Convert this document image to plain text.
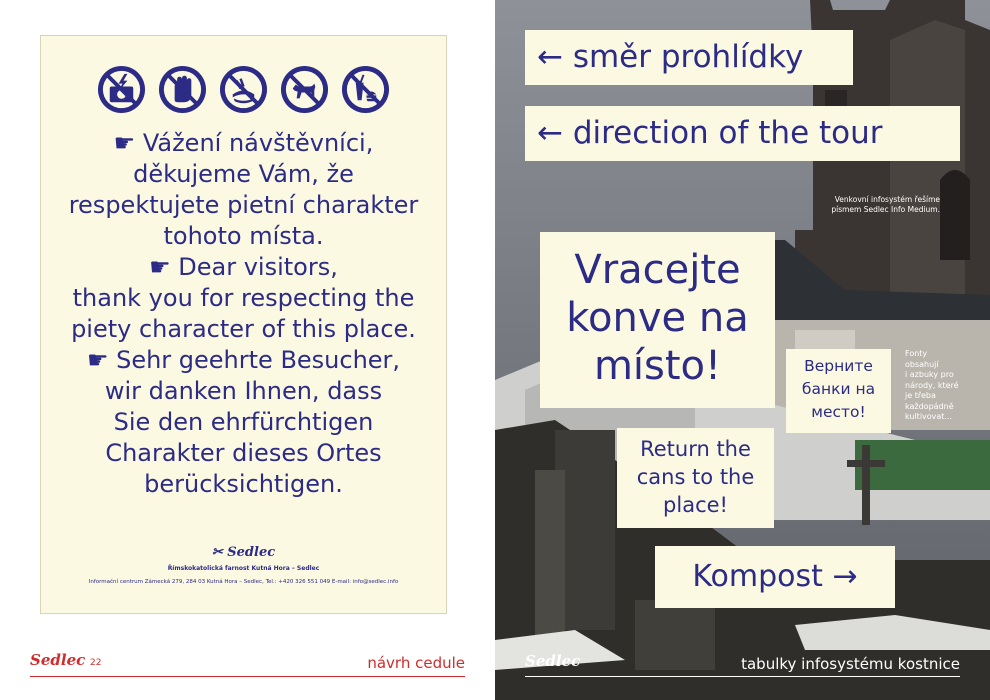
☛ Vážení návštěvníci,
děkujeme Vám, že
respektujete pietní charakter
tohoto místa.
☛ Dear visitors,
thank you for respecting the
piety character of this place.
☛ Sehr geehrte Besucher,
wir danken Ihnen, dass
Sie den ehrfürchtigen
Charakter dieses Ortes
berücksichtigen.
✂ Sedlec
Římskokatolická farnost Kutná Hora – Sedlec
Informační centrum Zámecká 279, 284 03 Kutná Hora – Sedlec, Tel.: +420 326 551 049 E-mail: info@sedlec.info
Sedlec 22	návrh cedule
← směr prohlídky
← direction of the tour
Venkovní infosystém řešíme
písmem Sedlec Info Medium.
Vracejte
konve na
místo!	Верните
банки на
место!
Fonty
obsahují
i azbuky pro
národy, které
je třeba
každopádně
kultivovat...
Return the
cans to the
place!
Kompost →
Sedlec	tabulky infosystému kostnice
